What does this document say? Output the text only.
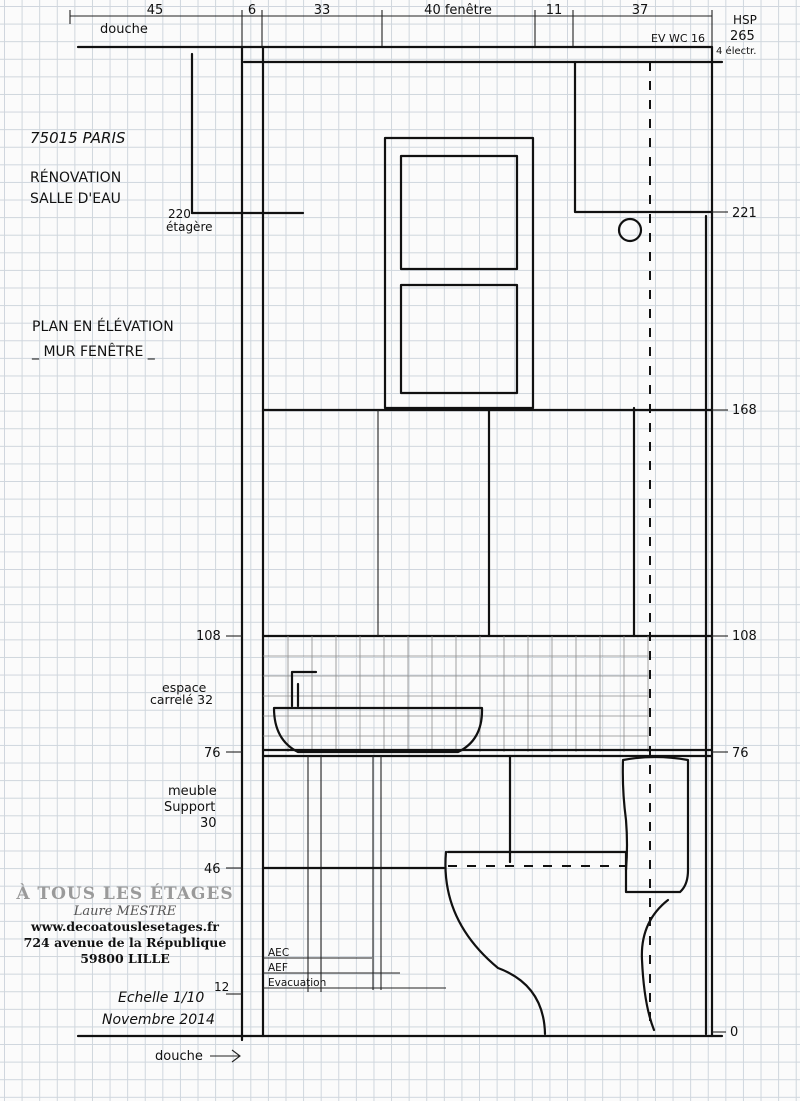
45	6	33	40 fenêtre	11	37
douche
EV WC 16
HSP
265
4 électr.
AEC
AEF
Evacuation
221
168
108
76
0
108
76
46
12
75015 PARIS
RÉNOVATION
SALLE D'EAU
220
étagère
PLAN EN ÉLÉVATION
_ MUR FENÊTRE _
espace
carrelé 32
meuble
Support
30
Echelle 1/10
Novembre 2014
douche
À TOUS LES ÉTAGES
Laure MESTRE
www.decoatouslesetages.fr
724 avenue de la République
59800 LILLE
